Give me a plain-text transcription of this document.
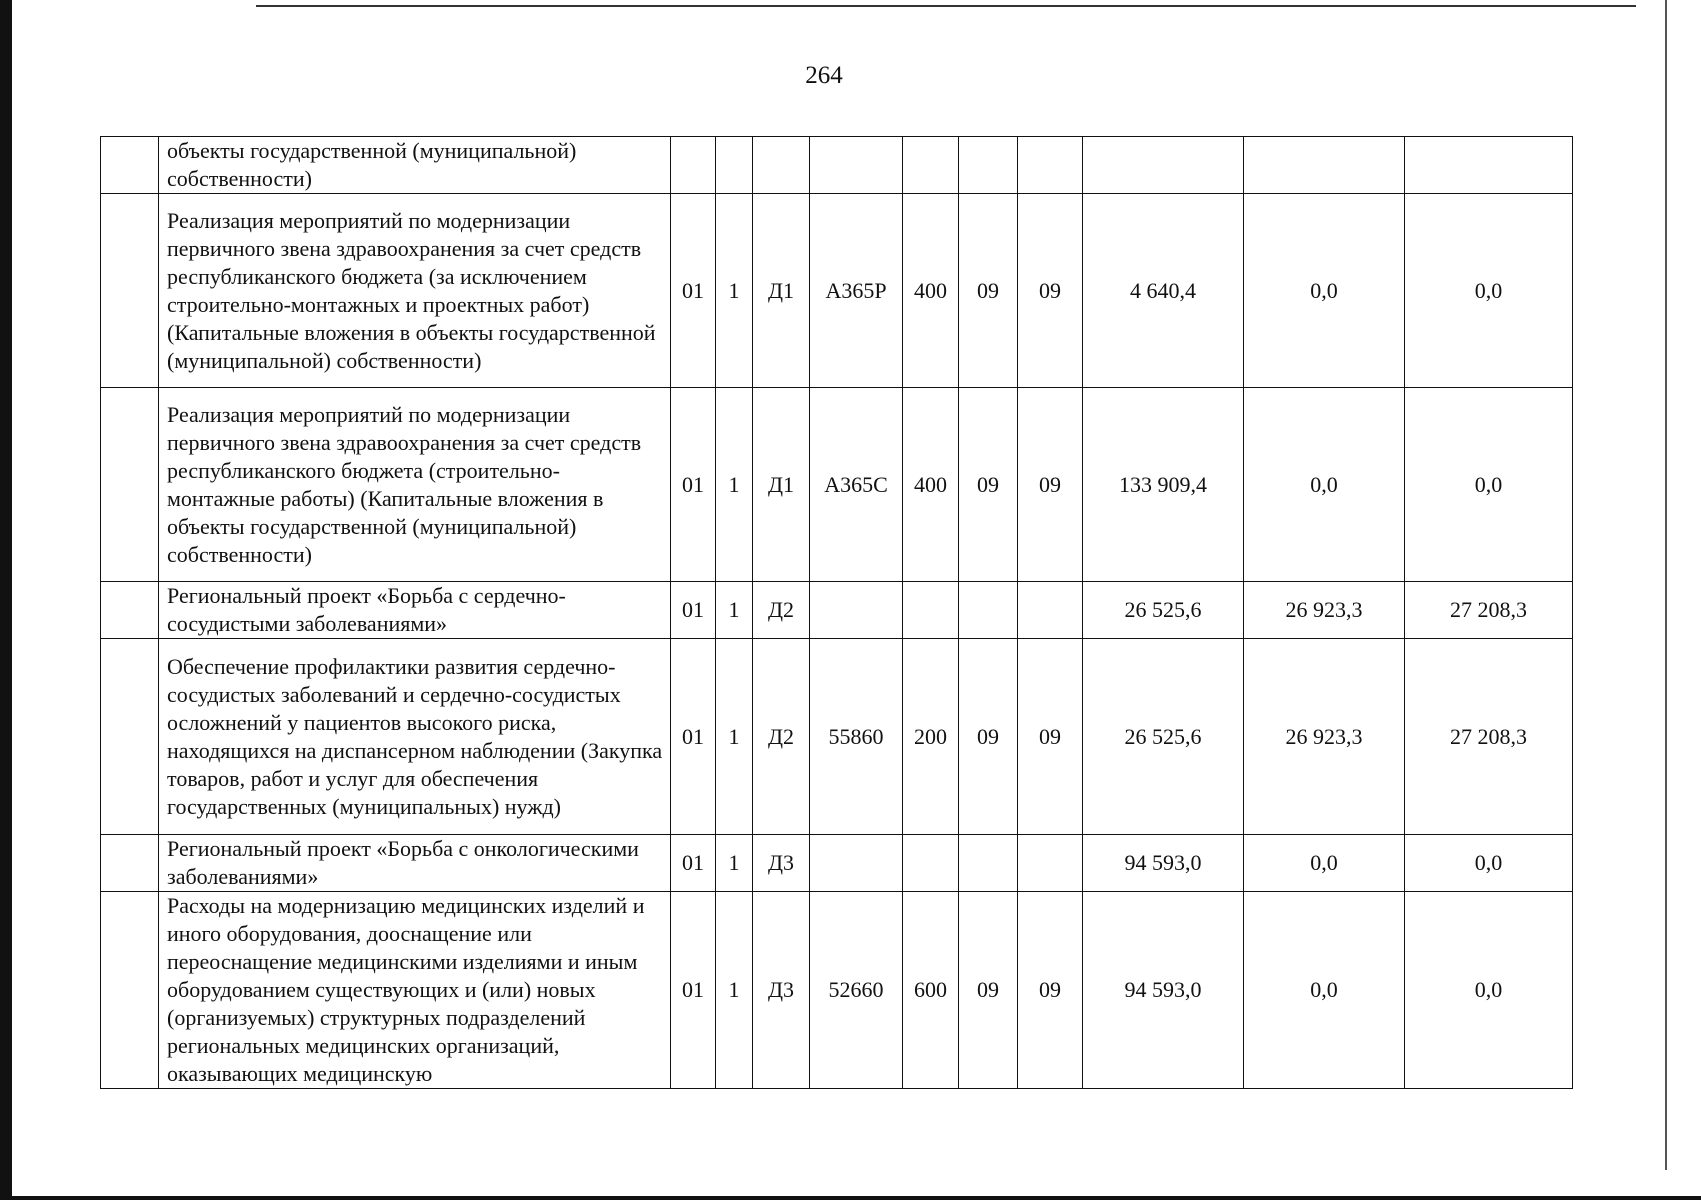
264
	объекты государственной (муниципальной) собственности)										
	Реализация мероприятий по модернизации первичного звена здравоохранения за счет средств республиканского бюджета (за исключением строительно-монтажных и проектных работ) (Капитальные вложения в объекты государственной (муниципальной) собственности)	01	1	Д1	А365Р	400	09	09	4 640,4	0,0	0,0
	Реализация мероприятий по модернизации первичного звена здравоохранения за счет средств республиканского бюджета (строительно-монтажные работы) (Капитальные вложения в объекты государственной (муниципальной) собственности)	01	1	Д1	А365С	400	09	09	133 909,4	0,0	0,0
	Региональный проект «Борьба с сердечно-сосудистыми заболеваниями»	01	1	Д2					26 525,6	26 923,3	27 208,3
	Обеспечение профилактики развития сердечно-сосудистых заболеваний и сердечно-сосудистых осложнений у пациентов высокого риска, находящихся на диспансерном наблюдении (Закупка товаров, работ и услуг для обеспечения государственных (муниципальных) нужд)	01	1	Д2	55860	200	09	09	26 525,6	26 923,3	27 208,3
	Региональный проект «Борьба с онкологическими заболеваниями»	01	1	Д3					94 593,0	0,0	0,0
	Расходы на модернизацию медицинских изделий и иного оборудования, дооснащение или переоснащение медицинскими изделиями и иным оборудованием существующих и (или) новых (организуемых) структурных подразделений региональных медицинских организаций, оказывающих медицинскую	01	1	Д3	52660	600	09	09	94 593,0	0,0	0,0
